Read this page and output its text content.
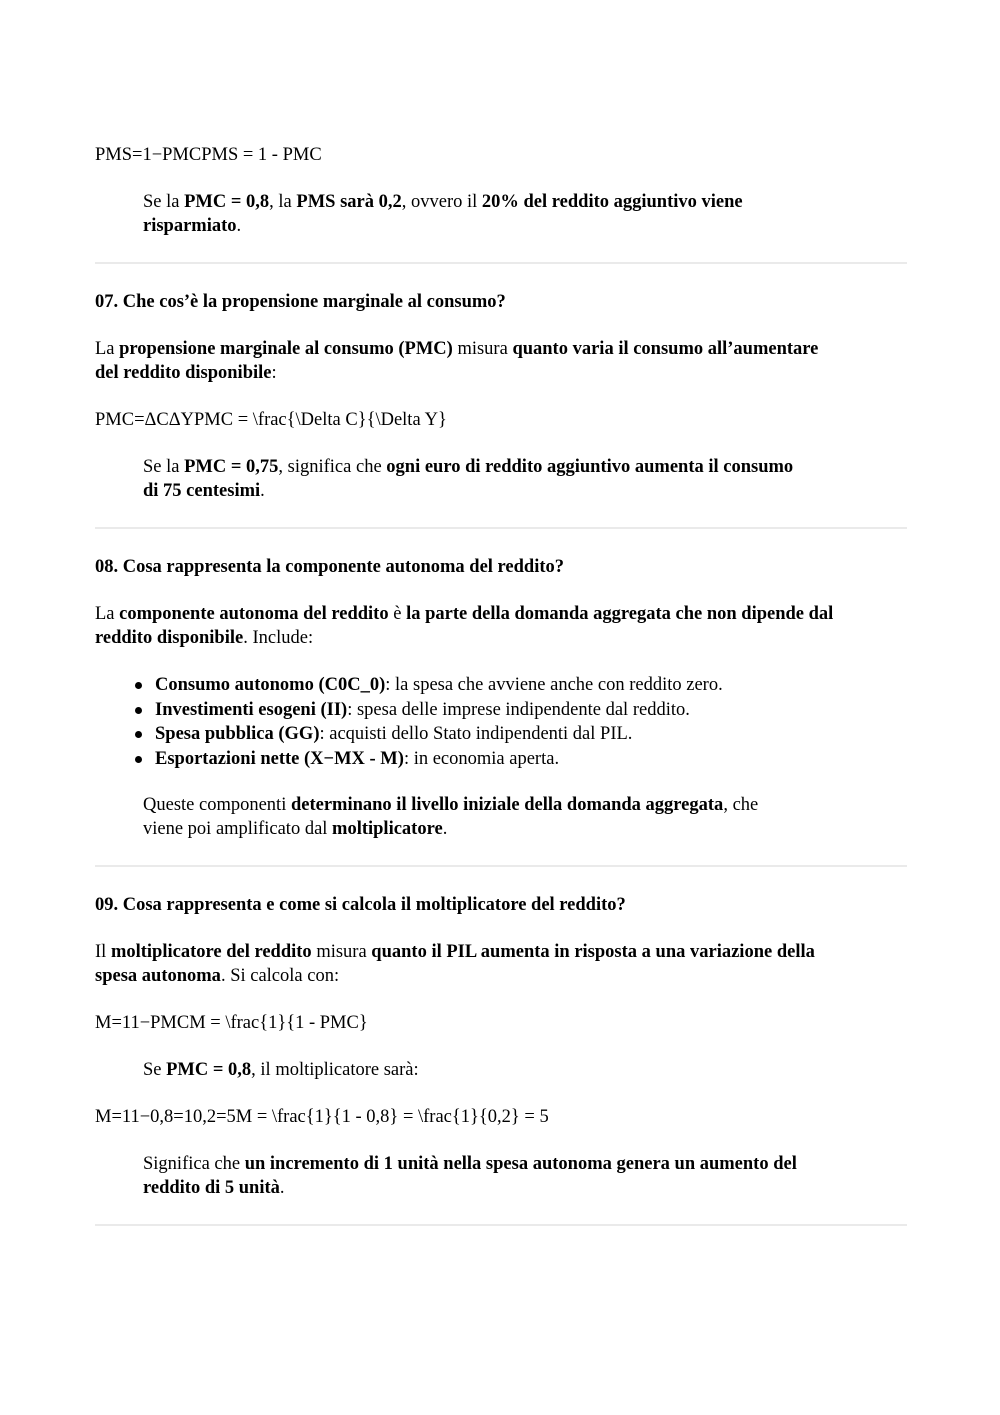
PMS=1−PMCPMS = 1 - PMC

Se la PMC = 0,8, la PMS sarà 0,2, ovvero il 20% del reddito aggiuntivo viene
risparmiato.

07. Che cos’è la propensione marginale al consumo?

La propensione marginale al consumo (PMC) misura quanto varia il consumo all’aumentare
del reddito disponibile:

PMC=ΔCΔYPMC = \frac{\Delta C}{\Delta Y}

Se la PMC = 0,75, significa che ogni euro di reddito aggiuntivo aumenta il consumo
di 75 centesimi.

08. Cosa rappresenta la componente autonoma del reddito?

La componente autonoma del reddito è la parte della domanda aggregata che non dipende dal
reddito disponibile. Include:

Consumo autonomo (C0C_0): la spesa che avviene anche con reddito zero.
Investimenti esogeni (II): spesa delle imprese indipendente dal reddito.
Spesa pubblica (GG): acquisti dello Stato indipendenti dal PIL.
Esportazioni nette (X−MX - M): in economia aperta.

Queste componenti determinano il livello iniziale della domanda aggregata, che
viene poi amplificato dal moltiplicatore.

09. Cosa rappresenta e come si calcola il moltiplicatore del reddito?

Il moltiplicatore del reddito misura quanto il PIL aumenta in risposta a una variazione della
spesa autonoma. Si calcola con:

M=11−PMCM = \frac{1}{1 - PMC}

Se PMC = 0,8, il moltiplicatore sarà:

M=11−0,8=10,2=5M = \frac{1}{1 - 0,8} = \frac{1}{0,2} = 5

Significa che un incremento di 1 unità nella spesa autonoma genera un aumento del
reddito di 5 unità.
